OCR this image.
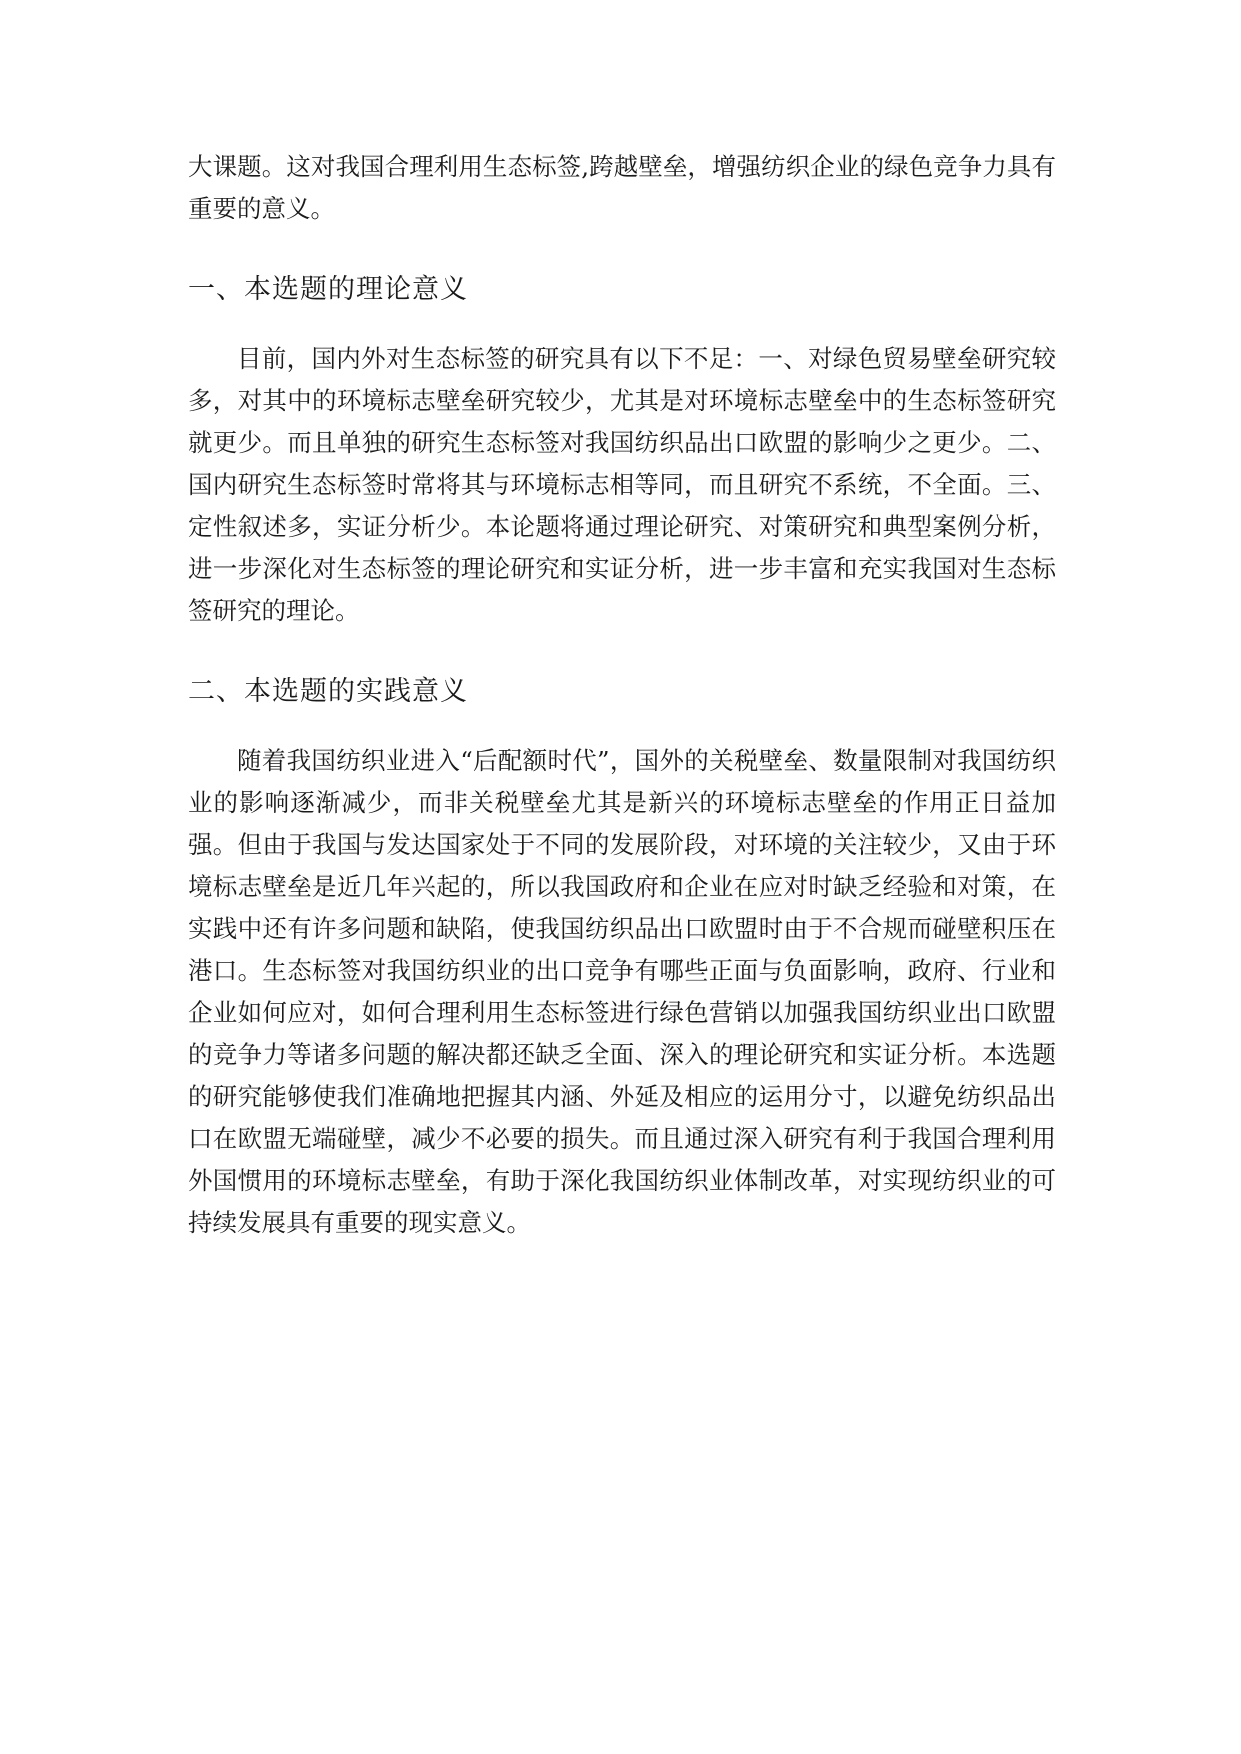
大课题。这对我国合理利用生态标签,跨越壁垒，增强纺织企业的绿色竞争力具有重要的意义。

一、本选题的理论意义

目前，国内外对生态标签的研究具有以下不足：一、对绿色贸易壁垒研究较多，对其中的环境标志壁垒研究较少，尤其是对环境标志壁垒中的生态标签研究就更少。而且单独的研究生态标签对我国纺织品出口欧盟的影响少之更少。二、国内研究生态标签时常将其与环境标志相等同，而且研究不系统，不全面。三、定性叙述多，实证分析少。本论题将通过理论研究、对策研究和典型案例分析，进一步深化对生态标签的理论研究和实证分析，进一步丰富和充实我国对生态标签研究的理论。

二、本选题的实践意义

随着我国纺织业进入“后配额时代”，国外的关税壁垒、数量限制对我国纺织业的影响逐渐减少，而非关税壁垒尤其是新兴的环境标志壁垒的作用正日益加强。但由于我国与发达国家处于不同的发展阶段，对环境的关注较少，又由于环境标志壁垒是近几年兴起的，所以我国政府和企业在应对时缺乏经验和对策，在实践中还有许多问题和缺陷，使我国纺织品出口欧盟时由于不合规而碰壁积压在港口。生态标签对我国纺织业的出口竞争有哪些正面与负面影响，政府、行业和企业如何应对，如何合理利用生态标签进行绿色营销以加强我国纺织业出口欧盟的竞争力等诸多问题的解决都还缺乏全面、深入的理论研究和实证分析。本选题的研究能够使我们准确地把握其内涵、外延及相应的运用分寸，以避免纺织品出口在欧盟无端碰壁，减少不必要的损失。而且通过深入研究有利于我国合理利用外国惯用的环境标志壁垒，有助于深化我国纺织业体制改革，对实现纺织业的可持续发展具有重要的现实意义。
